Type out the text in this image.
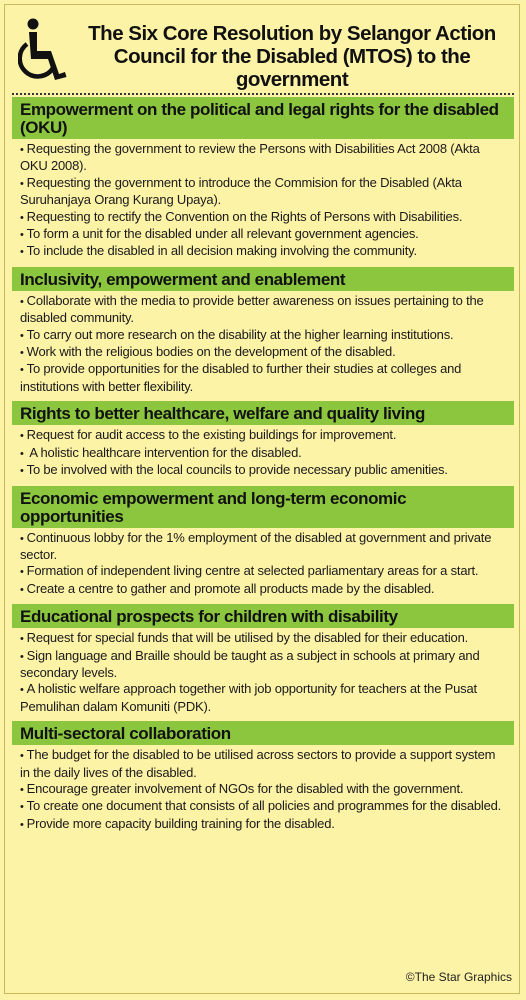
The Six Core Resolution by Selangor Action Council for the Disabled (MTOS) to the government
Empowerment on the political and legal rights for the disabled (OKU)
• Requesting the government to review the Persons with Disabilities Act 2008 (Akta OKU 2008).
• Requesting the government to introduce the Commision for the Disabled (Akta Suruhanjaya Orang Kurang Upaya).
• Requesting to rectify the Convention on the Rights of Persons with Disabilities.
• To form a unit for the disabled under all relevant government agencies.
• To include the disabled in all decision making involving the community.
Inclusivity, empowerment and enablement
• Collaborate with the media to provide better awareness on issues pertaining to the disabled community.
• To carry out more research on the disability at the higher learning institutions.
• Work with the religious bodies on the development of the disabled.
• To provide opportunities for the disabled to further their studies at colleges and institutions with better flexibility.
Rights to better healthcare, welfare and quality living
• Request for audit access to the existing buildings for improvement.
• A holistic healthcare intervention for the disabled.
• To be involved with the local councils to provide necessary public amenities.
Economic empowerment and long-term economic opportunities
• Continuous lobby for the 1% employment of the disabled at government and private sector.
• Formation of independent living centre at selected parliamentary areas for a start.
• Create a centre to gather and promote all products made by the disabled.
Educational prospects for children with disability
• Request for special funds that will be utilised by the disabled for their education.
• Sign language and Braille should be taught as a subject in schools at primary and secondary levels.
• A holistic welfare approach together with job opportunity for teachers at the Pusat Pemulihan dalam Komuniti (PDK).
Multi-sectoral collaboration
• The budget for the disabled to be utilised across sectors to provide a support system in the daily lives of the disabled.
• Encourage greater involvement of NGOs for the disabled with the government.
• To create one document that consists of all policies and programmes for the disabled.
• Provide more capacity building training for the disabled.
©The Star Graphics
